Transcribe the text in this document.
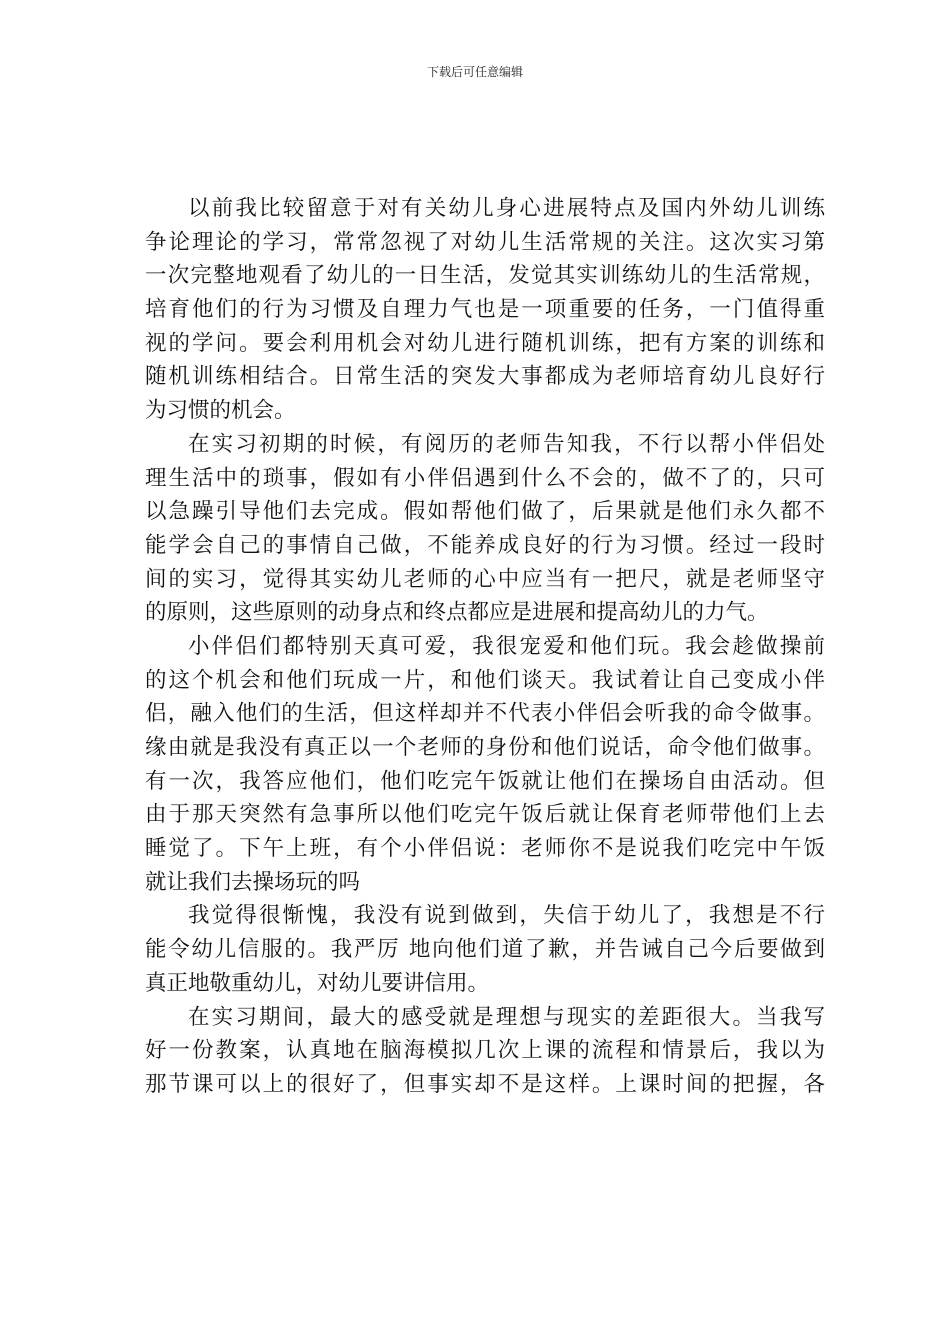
下载后可任意编辑
以前我比较留意于对有关幼儿身心进展特点及国内外幼儿训练
争论理论的学习，常常忽视了对幼儿生活常规的关注。这次实习第
一次完整地观看了幼儿的一日生活，发觉其实训练幼儿的生活常规，
培育他们的行为习惯及自理力气也是一项重要的任务，一门值得重
视的学问。要会利用机会对幼儿进行随机训练，把有方案的训练和
随机训练相结合。日常生活的突发大事都成为老师培育幼儿良好行
为习惯的机会。
在实习初期的时候，有阅历的老师告知我，不行以帮小伴侣处
理生活中的琐事，假如有小伴侣遇到什么不会的，做不了的，只可
以急躁引导他们去完成。假如帮他们做了，后果就是他们永久都不
能学会自己的事情自己做，不能养成良好的行为习惯。经过一段时
间的实习，觉得其实幼儿老师的心中应当有一把尺，就是老师坚守
的原则，这些原则的动身点和终点都应是进展和提高幼儿的力气。
小伴侣们都特别天真可爱，我很宠爱和他们玩。我会趁做操前
的这个机会和他们玩成一片，和他们谈天。我试着让自己变成小伴
侣，融入他们的生活，但这样却并不代表小伴侣会听我的命令做事。
缘由就是我没有真正以一个老师的身份和他们说话，命令他们做事。
有一次，我答应他们，他们吃完午饭就让他们在操场自由活动。但
由于那天突然有急事所以他们吃完午饭后就让保育老师带他们上去
睡觉了。下午上班，有个小伴侣说：老师你不是说我们吃完中午饭
就让我们去操场玩的吗
我觉得很惭愧，我没有说到做到，失信于幼儿了，我想是不行
能令幼儿信服的。我严厉 地向他们道了歉，并告诫自己今后要做到
真正地敬重幼儿，对幼儿要讲信用。
在实习期间，最大的感受就是理想与现实的差距很大。当我写
好一份教案，认真地在脑海模拟几次上课的流程和情景后，我以为
那节课可以上的很好了，但事实却不是这样。上课时间的把握，各
